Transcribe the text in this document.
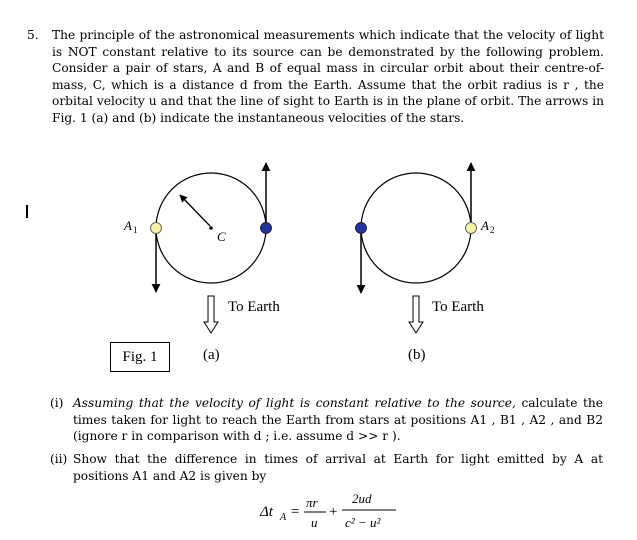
5. The principle of the astronomical measurements which indicate that the velocity of light is NOT constant relative to its source can be demonstrated by the following problem. Consider a pair of stars, A and B of equal mass in circular orbit about their centre-of-mass, C, which is a distance d from the Earth. Assume that the orbit radius is r , the orbital velocity u and that the line of sight to Earth is in the plane of orbit. The arrows in Fig. 1 (a) and (b) indicate the instantaneous velocities of the stars.
A 1	C
A 2
To Earth	To Earth
Fig. 1	(a)	(b)
(i) Assuming that the velocity of light is constant relative to the source, calculate the times taken for light to reach the Earth from stars at positions A1 , B1 , A2 , and B2 (ignore r in comparison with d ; i.e. assume d >> r ).
(ii) Show that the difference in times of arrival at Earth for light emitted by A at positions A1 and A2 is given by
Δt A =
πr
u
+
2ud
c² − u²
